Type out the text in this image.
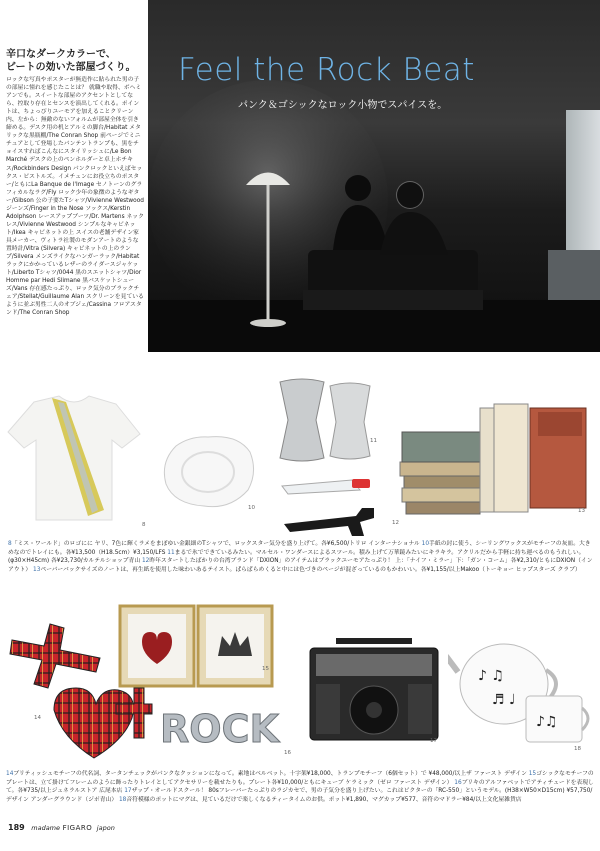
辛口なダークカラーで、
ビートの効いた部屋づくり。
ロックな写真やポスターが無造作に貼られた男の子の部屋に憧れを感じたことは？ 就職や取得、ボヘミアンでも。スイートな部屋のアクセントとしてなら、控取り存在とセンスを演出してくれる。ポイントは、ちょっぴりユーモアを加えることクリーン内、左から：無敵のないフォルムが部屋全体を引き締める。デスク用の机とアルミの脚台/Habitat メタリックな黒瓶棚/The Conran Shop 前ページでミニチュアとして登場したパンテントランプも、黒をチョイスすればこんなにスタイリッシュに/Le Bon Marché デスクの上のペンホルダーと卓上ホチキス/Rockbinders Design パンクロックといえばセックス・ピストルズ。イメチェンにお役立ちのポスター/ともにLa Banque de l'Image セノトーンのグラフィカルなラグ/Fly ロック少年の象徴のようなギター/Gibson 公の子要たTシャツ/Vivienne Westwood ジーンズ/Finger in the Nose ソックス/Kerstin Adolphson レースアップブーツ/Dr. Martens ネックレス/Vivienne Westwood シンプルなキャビネット/Ikea キャビネットの上 スイスの老舗デザイン家具メーカー、ヴィトラ社製のモダンアートのような置時計/Vitra (Silvera) キャビネットの上のランプ/Silvera メンズライクなハンガーラック/Habitat ラックにかかっているレザーのライダースジャケット/Liberto Tシャツ/0044 黒のスエットシャツ/Dior Homme par Hedi Slimane 黒バスケットシューズ/Vans 存在感たっぷり、ロック気分のブラックチェア/Stellat/Guillaume Alan スクリーンを見ているように並ぶ男性二人のオブジェ/Cassina フロアスタンド/The Conran Shop
Feel the Rock Beat
パンク＆ゴシックなロック小物でスパイスを。
8
10
11
12
13
8「ミス・ワールド」のロゴにに ヤリ、7色に輝くラメをまぽゆい金銀細のTシャツで、ロックスター気分を盛り上げて。各¥6,500/トリロ インターナショナル 10手紙の封に使う、シーリングワックスがモチーフの灰皿。大きめなのでトレイにも。各¥13,500（H18.5cm）¥3,150/LFS 11まるで氷でできているみたい。マルセル・ワンダースによるスツール。積み上げて万華鏡みたいにキラキラ。アクリルだから手軽に持ち運べるのもうれしい。(φ30×H45cm) 各¥23,730/カルテルショップ青山 12昨年スタートしたばかりの台湾ブランド「DXION」のアイテムはブラックユーモアたっぷり！ 上：「ナイフ・ミラー」下：「ガン・コーム」各¥2,310/ともにDXION（インアウト） 13ペーパーバックサイズのノートは、再生紙を使用した味わいあるテイスト。ぱらぱらめくると中には色づきのページが混ざっているのもかわいい。各¥1,155/以上Makoo（トーキョー ヒップスターズ クラブ）
14
15
ROCK
16
17
♪ ♫
♬ ♩
♪♫
18
14ブリティッシュモチーフの代名詞、タータンチェックがパンクなクッションになって。素地はベルベット。十字架¥18,000、トランプモチーフ（6個セット）で ¥48,000/以上ザ ファースト デザイン 15ゴシックなモチーフのプレートは、立て掛けてフレームのように飾ったりトレイとしてアクセサリーを載せたりも。プレート各¥10,000/ともにキューブ ケラミック（ゼロ ファースト デザイン） 16ブリキのアルファベットでアティチュードを表現して。各¥735/以上ジェネラルストア 広尾本店 17ザップ・オールドスクール！ 80sフレーバーたっぷりのラジカセで、男の子気分を盛り上げたい。これはビクターの「RC-550」というモデル。(H38×W50×D15cm) ¥57,750/デザイン アンダーグラウンド（ジポ青山） 18音符模様のポットにマグは、見ているだけで楽しくなるティータイムのお供。ポット¥1,890、マグカップ¥577、音符のマドラー¥84/以上文化屋雑貨店
189 madame FIGARO japon
